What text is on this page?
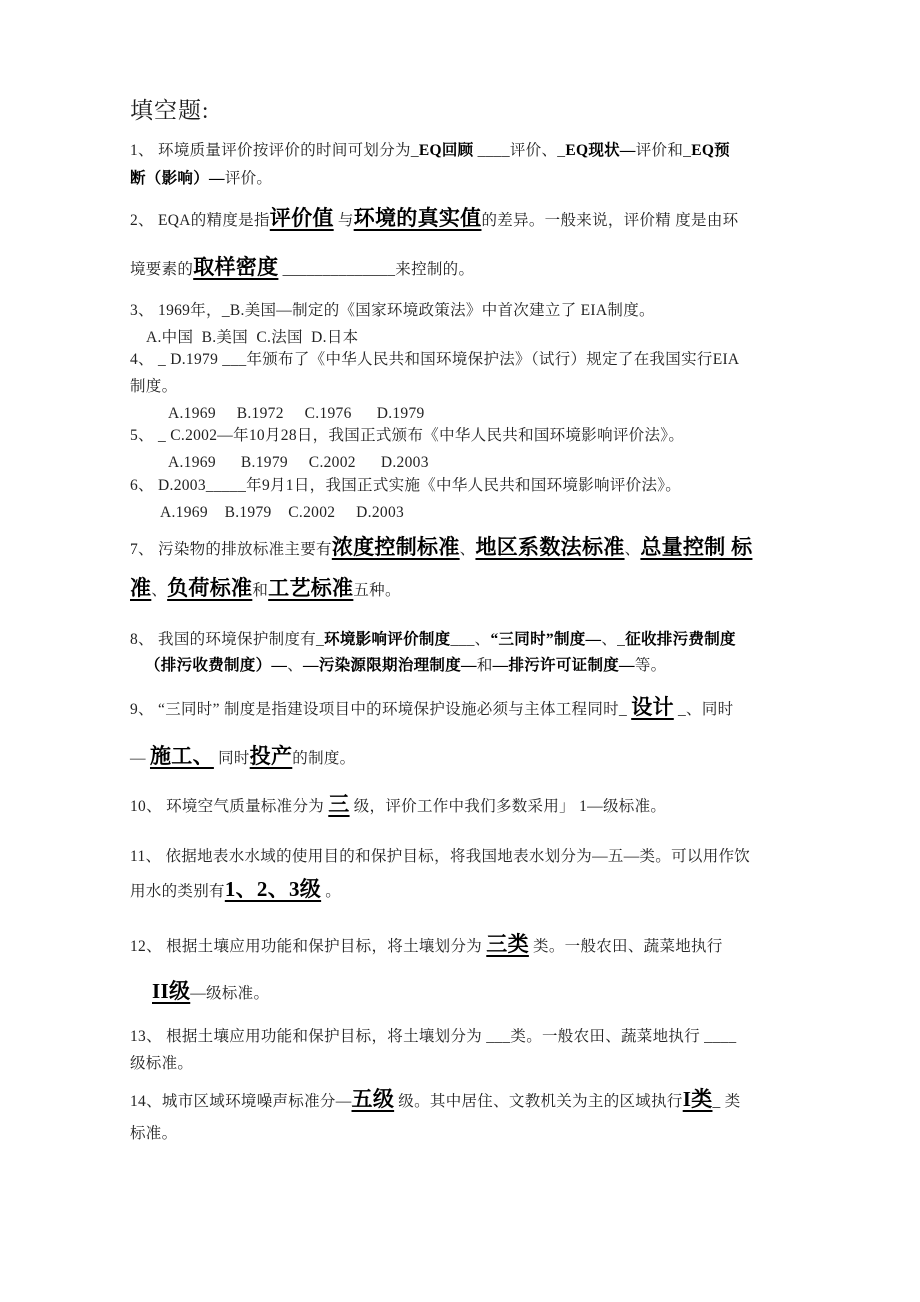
填空题:
1、 环境质量评价按评价的时间可划分为_EQ回顾 ____评价、_EQ现状—评价和_EQ预
断（影响）—评价。
2、 EQA的精度是指评价值 与环境的真实值的差异。一般来说，评价精 度是由环
境要素的取样密度 ______________来控制的。
3、 1969年，_B.美国—制定的《国家环境政策法》中首次建立了 EIA制度。
A.中国  B.美国  C.法国  D.日本
4、 _ D.1979 ___年颁布了《中华人民共和国环境保护法》（试行）规定了在我国实行EIA
制度。
A.1969     B.1972     C.1976      D.1979
5、 _ C.2002—年10月28日，我国正式颁布《中华人民共和国环境影响评价法》。
A.1969      B.1979     C.2002      D.2003
6、 D.2003_____年9月1日，我国正式实施《中华人民共和国环境影响评价法》。
A.1969    B.1979    C.2002     D.2003
7、 污染物的排放标准主要有浓度控制标准、地区系数法标准、总量控制 标
准、负荷标准和工艺标准五种。
8、 我国的环境保护制度有_环境影响评价制度___、“三同时”制度—、_征收排污费制度
（排污收费制度）—、—污染源限期治理制度—和—排污许可证制度—等。
9、 “三同时” 制度是指建设项目中的环境保护设施必须与主体工程同时_ 设计 _、同时
— 施工、 同时投产的制度。
10、 环境空气质量标准分为 三 级，评价工作中我们多数采用」 1—级标准。
11、 依据地表水水域的使用目的和保护目标，将我国地表水划分为—五—类。可以用作饮
用水的类别有1、2、3级 。
12、 根据土壤应用功能和保护目标，将土壤划分为 三类 类。一般农田、蔬菜地执行
II级—级标准。
13、 根据土壤应用功能和保护目标，将土壤划分为 ___类。一般农田、蔬菜地执行 ____
级标准。
14、城市区域环境噪声标准分—五级 级。其中居住、文教机关为主的区域执行I类_ 类
标准。
